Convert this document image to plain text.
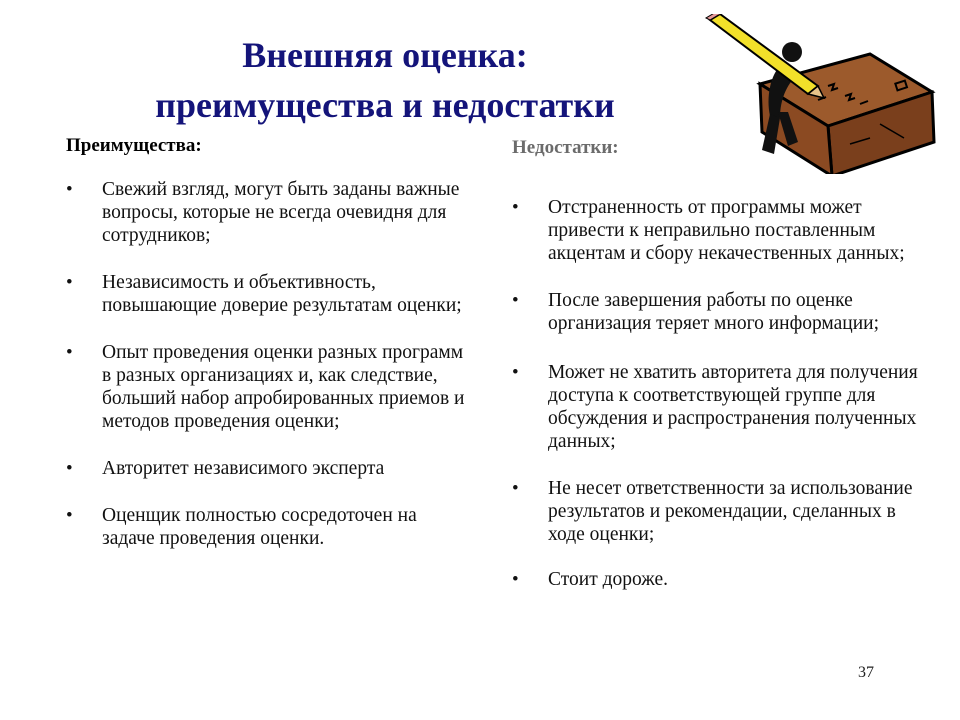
Внешняя оценка:
преимущества и недостатки
Преимущества:	Недостатки:
•	Свежий взгляд, могут быть заданы важные вопросы, которые не всегда очевидня для сотрудников;
•	Независимость и объективность, повышающие доверие результатам оценки;
•	Опыт проведения оценки разных программ в разных организациях и, как следствие, больший набор апробированных приемов и методов проведения оценки;
•	Авторитет независимого эксперта
•	Оценщик полностью сосредоточен на задаче проведения оценки.
•	Отстраненность от программы может привести к неправильно поставленным акцентам и сбору некачественных данных;
•	После завершения работы по оценке организация теряет много информации;
•	Может не хватить авторитета для получения доступа к соответствующей группе для обсуждения и распространения полученных данных;
•	Не несет ответственности за использование результатов и рекомендации, сделанных в ходе оценки;
•	Стоит дороже.
37
